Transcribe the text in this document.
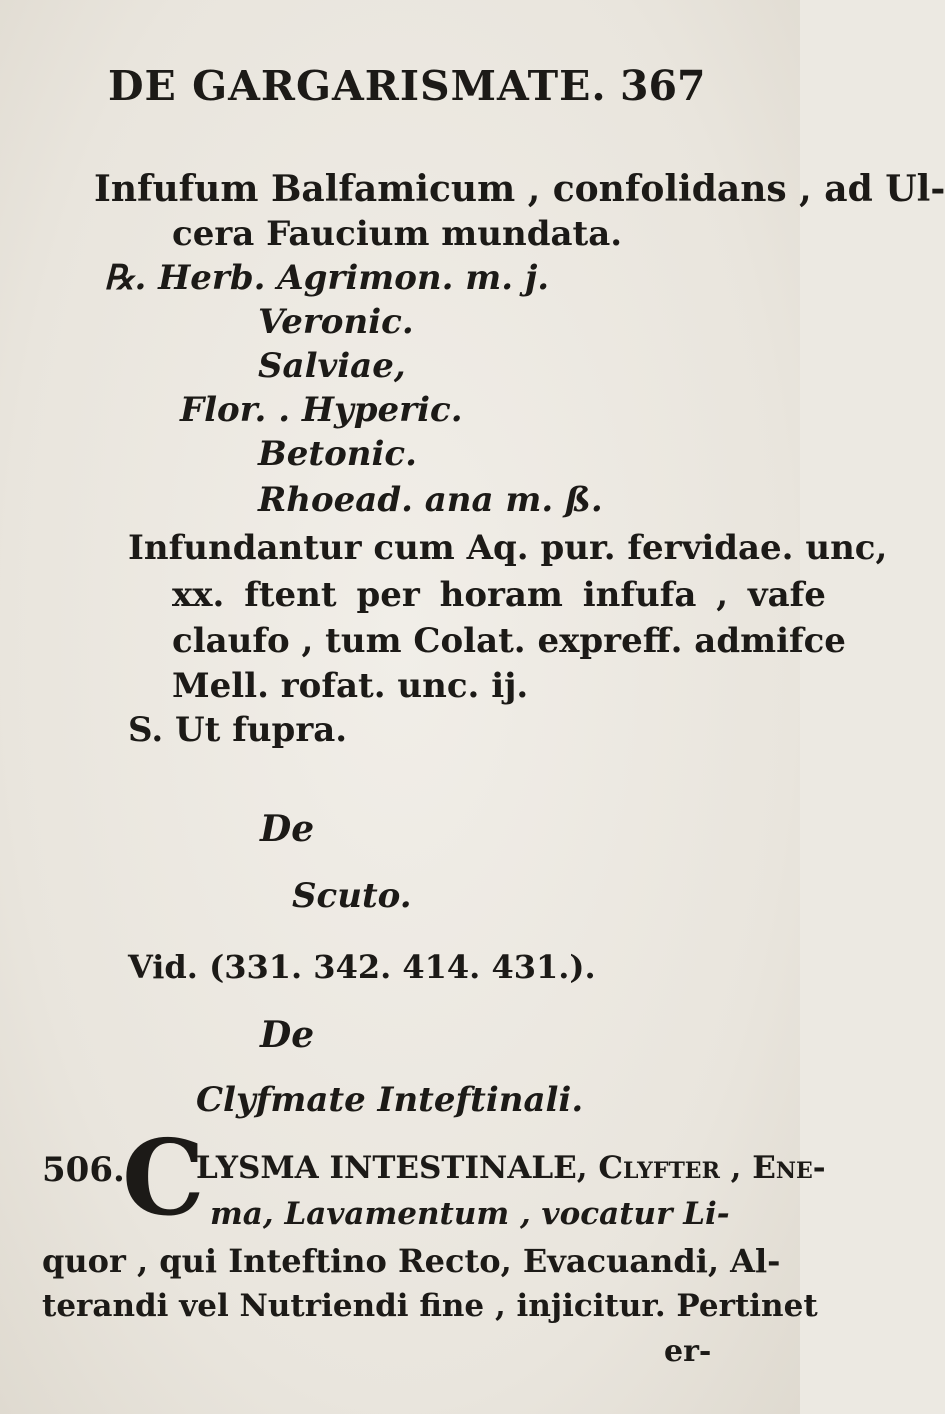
DE GARGARISMATE. 367
Infufum Balfamicum , confolidans , ad Ul-
cera Faucium mundata.
℞. Herb. Agrimon. m. j.
Veronic.
Salviae,
Flor. . Hyperic.
Betonic.
Rhoead. ana m. ß.
Infundantur cum Aq. pur. fervidae. unc,
xx. ftent per horam infufa , vafe
claufo , tum Colat. expreff. admifce
Mell. rofat. unc. ij.
S. Ut fupra.
De
Scuto.
Vid. (331. 342. 414. 431.).
De
Clyfmate Inteftinali.
506.
C
LYSMA INTESTINALE, Clyfter , Ene-
ma, Lavamentum , vocatur Li-
quor , qui Inteftino Recto, Evacuandi, Al-
terandi vel Nutriendi fine , injicitur. Pertinet
er-
